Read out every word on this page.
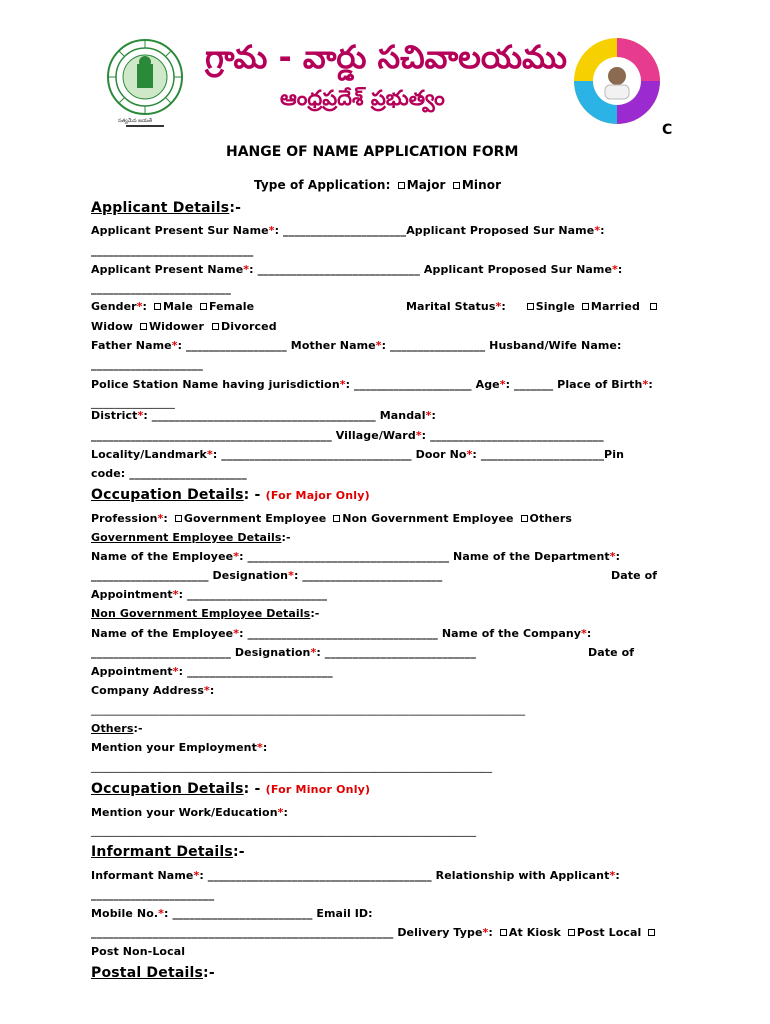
సత్యమేవ జయతే
గ్రామ - వార్డు సచివాలయము
ఆంధ్రప్రదేశ్ ప్రభుత్వం
C
HANGE OF NAME APPLICATION FORM
Type of Application: Major Minor
Applicant Details:-
Applicant Present Sur Name*: ______________________Applicant Proposed Sur Name*:
_____________________________
Applicant Present Name*: _____________________________ Applicant Proposed Sur Name*:
_________________________
Gender*: Male Female	Marital Status*:	Single Married
Widow Widower Divorced
Father Name*: __________________ Mother Name*: _________________ Husband/Wife Name:
____________________
Police Station Name having jurisdiction*: _____________________ Age*: _______ Place of Birth*:
_______________
District*: ________________________________________ Mandal*:
___________________________________________ Village/Ward*: _______________________________
Locality/Landmark*: __________________________________ Door No*: ______________________Pin
code: _____________________
Occupation Details: - (For Major Only)
Profession*: Government Employee Non Government Employee Others
Government Employee Details:-
Name of the Employee*: ____________________________________ Name of the Department*:
_____________________ Designation*: _________________________	Date of
Appointment*: _________________________
Non Government Employee Details:-
Name of the Employee*: __________________________________ Name of the Company*:
_________________________ Designation*: ___________________________	Date of
Appointment*: __________________________
Company Address*:
__________________________________________________________________________________
Others:-
Mention your Employment*:
___________________________________________________________________________
Occupation Details: - (For Minor Only)
Mention your Work/Education*:
________________________________________________________________________
Informant Details:-
Informant Name*: ________________________________________ Relationship with Applicant*:
______________________
Mobile No.*: _________________________ Email ID:
______________________________________________________ Delivery Type*: At Kiosk Post Local
Post Non-Local
Postal Details:-
